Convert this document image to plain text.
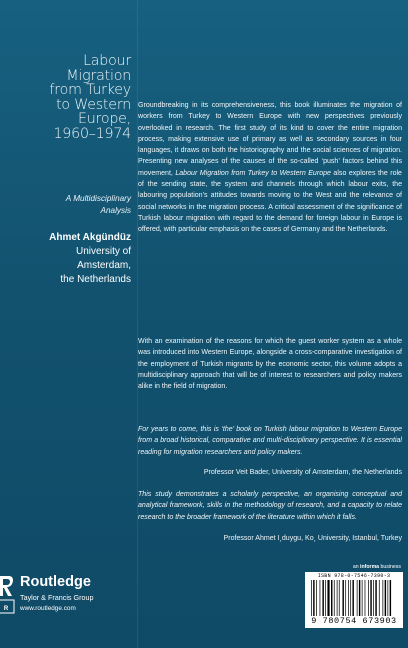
Labour
Migration
from Turkey
to Western
Europe,
1960–1974
A Multidisciplinary
Analysis
Ahmet Akgündüz
University of
Amsterdam,
the Netherlands
R
Routledge
Taylor & Francis Group
www.routledge.com
Groundbreaking in its comprehensiveness, this book illuminates the migration of workers from Turkey to Western Europe with new perspectives previously overlooked in research. The first study of its kind to cover the entire migration process, making extensive use of primary as well as secondary sources in four languages, it draws on both the historiography and the social sciences of migration. Presenting new analyses of the causes of the so-called ‘push’ factors behind this movement, Labour Migration from Turkey to Western Europe also explores the role of the sending state, the system and channels through which labour exits, the labouring population’s attitudes towards moving to the West and the relevance of social networks in the migration process. A critical assessment of the significance of Turkish labour migration with regard to the demand for foreign labour in Europe is offered, with particular emphasis on the cases of Germany and the Netherlands.
With an examination of the reasons for which the guest worker system as a whole was introduced into Western Europe, alongside a cross-comparative investigation of the employment of Turkish migrants by the economic sector, this volume adopts a multidisciplinary approach that will be of interest to researchers and policy makers alike in the field of migration.
For years to come, this is ‘the’ book on Turkish labour migration to Western Europe from a broad historical, comparative and multi-disciplinary perspective. It is essential reading for migration researchers and policy makers.
Professor Veit Bader, University of Amsterdam, the Netherlands
This study demonstrates a scholarly perspective, an organising conceptual and analytical framework, skills in the methodology of research, and a capacity to relate research to the broader framework of the literature within which it falls.
Professor Ahmet I¸duygu, Ko¸ University, Istanbul, Turkey
an informa business
ISBN 978-0-7546-7390-3
9 780754 673903
